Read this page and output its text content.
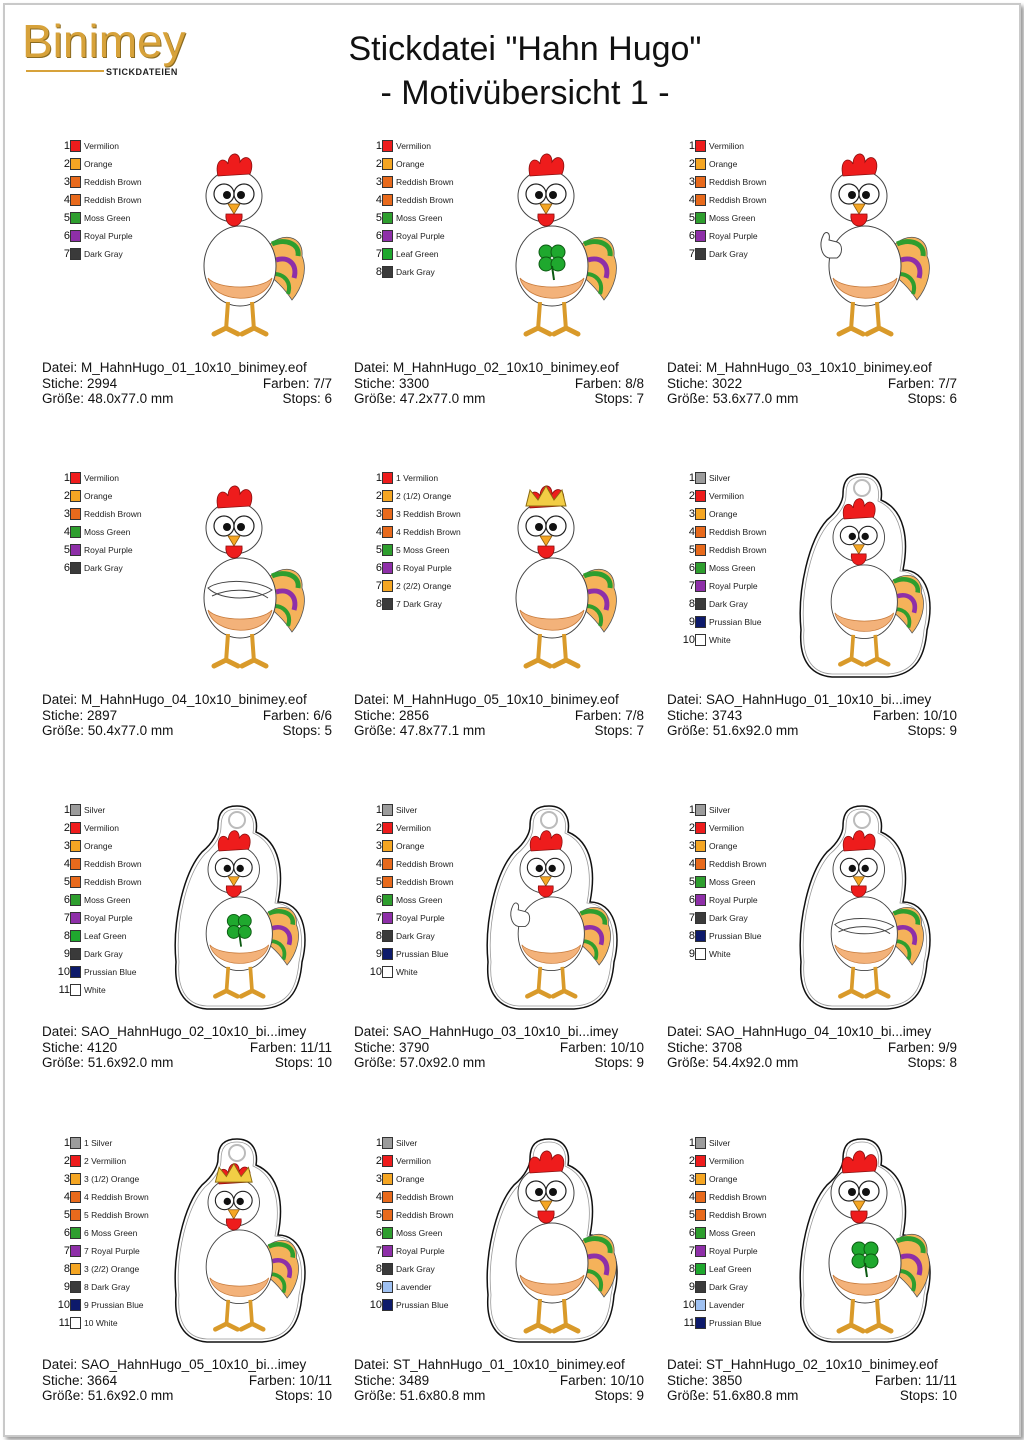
Binimey
STICKDATEIEN
Stickdatei "Hahn Hugo"
- Motivübersicht 1 -
1 Vermilion
2 Orange
3 Reddish Brown
4 Reddish Brown
5 Moss Green
6 Royal Purple
7 Dark Gray
Datei: M_HahnHugo_01_10x10_binimey.eof
Stiche: 2994	Farben: 7/7
Größe: 48.0x77.0 mm	Stops: 6
1 Vermilion
2 Orange
3 Reddish Brown
4 Reddish Brown
5 Moss Green
6 Royal Purple
7 Leaf Green
8 Dark Gray
Datei: M_HahnHugo_02_10x10_binimey.eof
Stiche: 3300	Farben: 8/8
Größe: 47.2x77.0 mm	Stops: 7
1 Vermilion
2 Orange
3 Reddish Brown
4 Reddish Brown
5 Moss Green
6 Royal Purple
7 Dark Gray
Datei: M_HahnHugo_03_10x10_binimey.eof
Stiche: 3022	Farben: 7/7
Größe: 53.6x77.0 mm	Stops: 6
1 Vermilion
2 Orange
3 Reddish Brown
4 Moss Green
5 Royal Purple
6 Dark Gray
Datei: M_HahnHugo_04_10x10_binimey.eof
Stiche: 2897	Farben: 6/6
Größe: 50.4x77.0 mm	Stops: 5
1 1 Vermilion
2 2 (1/2) Orange
3 3 Reddish Brown
4 4 Reddish Brown
5 5 Moss Green
6 6 Royal Purple
7 2 (2/2) Orange
8 7 Dark Gray
Datei: M_HahnHugo_05_10x10_binimey.eof
Stiche: 2856	Farben: 7/8
Größe: 47.8x77.1 mm	Stops: 7
1 Silver
2 Vermilion
3 Orange
4 Reddish Brown
5 Reddish Brown
6 Moss Green
7 Royal Purple
8 Dark Gray
9 Prussian Blue
10 White
Datei: SAO_HahnHugo_01_10x10_bi...imey
Stiche: 3743	Farben: 10/10
Größe: 51.6x92.0 mm	Stops: 9
1 Silver
2 Vermilion
3 Orange
4 Reddish Brown
5 Reddish Brown
6 Moss Green
7 Royal Purple
8 Leaf Green
9 Dark Gray
10 Prussian Blue
11 White
Datei: SAO_HahnHugo_02_10x10_bi...imey
Stiche: 4120	Farben: 11/11
Größe: 51.6x92.0 mm	Stops: 10
1 Silver
2 Vermilion
3 Orange
4 Reddish Brown
5 Reddish Brown
6 Moss Green
7 Royal Purple
8 Dark Gray
9 Prussian Blue
10 White
Datei: SAO_HahnHugo_03_10x10_bi...imey
Stiche: 3790	Farben: 10/10
Größe: 57.0x92.0 mm	Stops: 9
1 Silver
2 Vermilion
3 Orange
4 Reddish Brown
5 Moss Green
6 Royal Purple
7 Dark Gray
8 Prussian Blue
9 White
Datei: SAO_HahnHugo_04_10x10_bi...imey
Stiche: 3708	Farben: 9/9
Größe: 54.4x92.0 mm	Stops: 8
1 1 Silver
2 2 Vermilion
3 3 (1/2) Orange
4 4 Reddish Brown
5 5 Reddish Brown
6 6 Moss Green
7 7 Royal Purple
8 3 (2/2) Orange
9 8 Dark Gray
10 9 Prussian Blue
11 10 White
Datei: SAO_HahnHugo_05_10x10_bi...imey
Stiche: 3664	Farben: 10/11
Größe: 51.6x92.0 mm	Stops: 10
1 Silver
2 Vermilion
3 Orange
4 Reddish Brown
5 Reddish Brown
6 Moss Green
7 Royal Purple
8 Dark Gray
9 Lavender
10 Prussian Blue
Datei: ST_HahnHugo_01_10x10_binimey.eof
Stiche: 3489	Farben: 10/10
Größe: 51.6x80.8 mm	Stops: 9
1 Silver
2 Vermilion
3 Orange
4 Reddish Brown
5 Reddish Brown
6 Moss Green
7 Royal Purple
8 Leaf Green
9 Dark Gray
10 Lavender
11 Prussian Blue
Datei: ST_HahnHugo_02_10x10_binimey.eof
Stiche: 3850	Farben: 11/11
Größe: 51.6x80.8 mm	Stops: 10
